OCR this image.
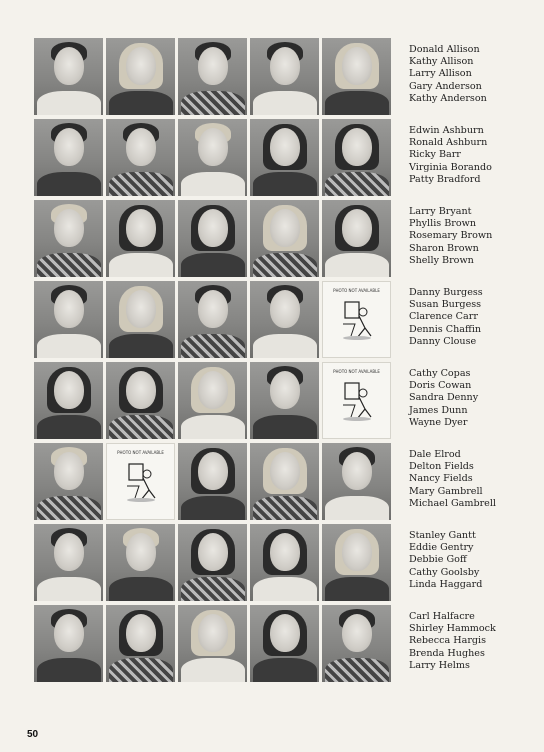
PHOTO NOT AVAILABLE
PHOTO NOT AVAILABLE
PHOTO NOT AVAILABLE
Donald Allison
Kathy Allison
Larry Allison
Gary Anderson
Kathy Anderson
Edwin Ashburn
Ronald Ashburn
Ricky Barr
Virginia Borando
Patty Bradford
Larry Bryant
Phyllis Brown
Rosemary Brown
Sharon Brown
Shelly Brown
Danny Burgess
Susan Burgess
Clarence Carr
Dennis Chaffin
Danny Clouse
Cathy Copas
Doris Cowan
Sandra Denny
James Dunn
Wayne Dyer
Dale Elrod
Delton Fields
Nancy Fields
Mary Gambrell
Michael Gambrell
Stanley Gantt
Eddie Gentry
Debbie Goff
Cathy Goolsby
Linda Haggard
Carl Halfacre
Shirley Hammock
Rebecca Hargis
Brenda Hughes
Larry Helms
50
